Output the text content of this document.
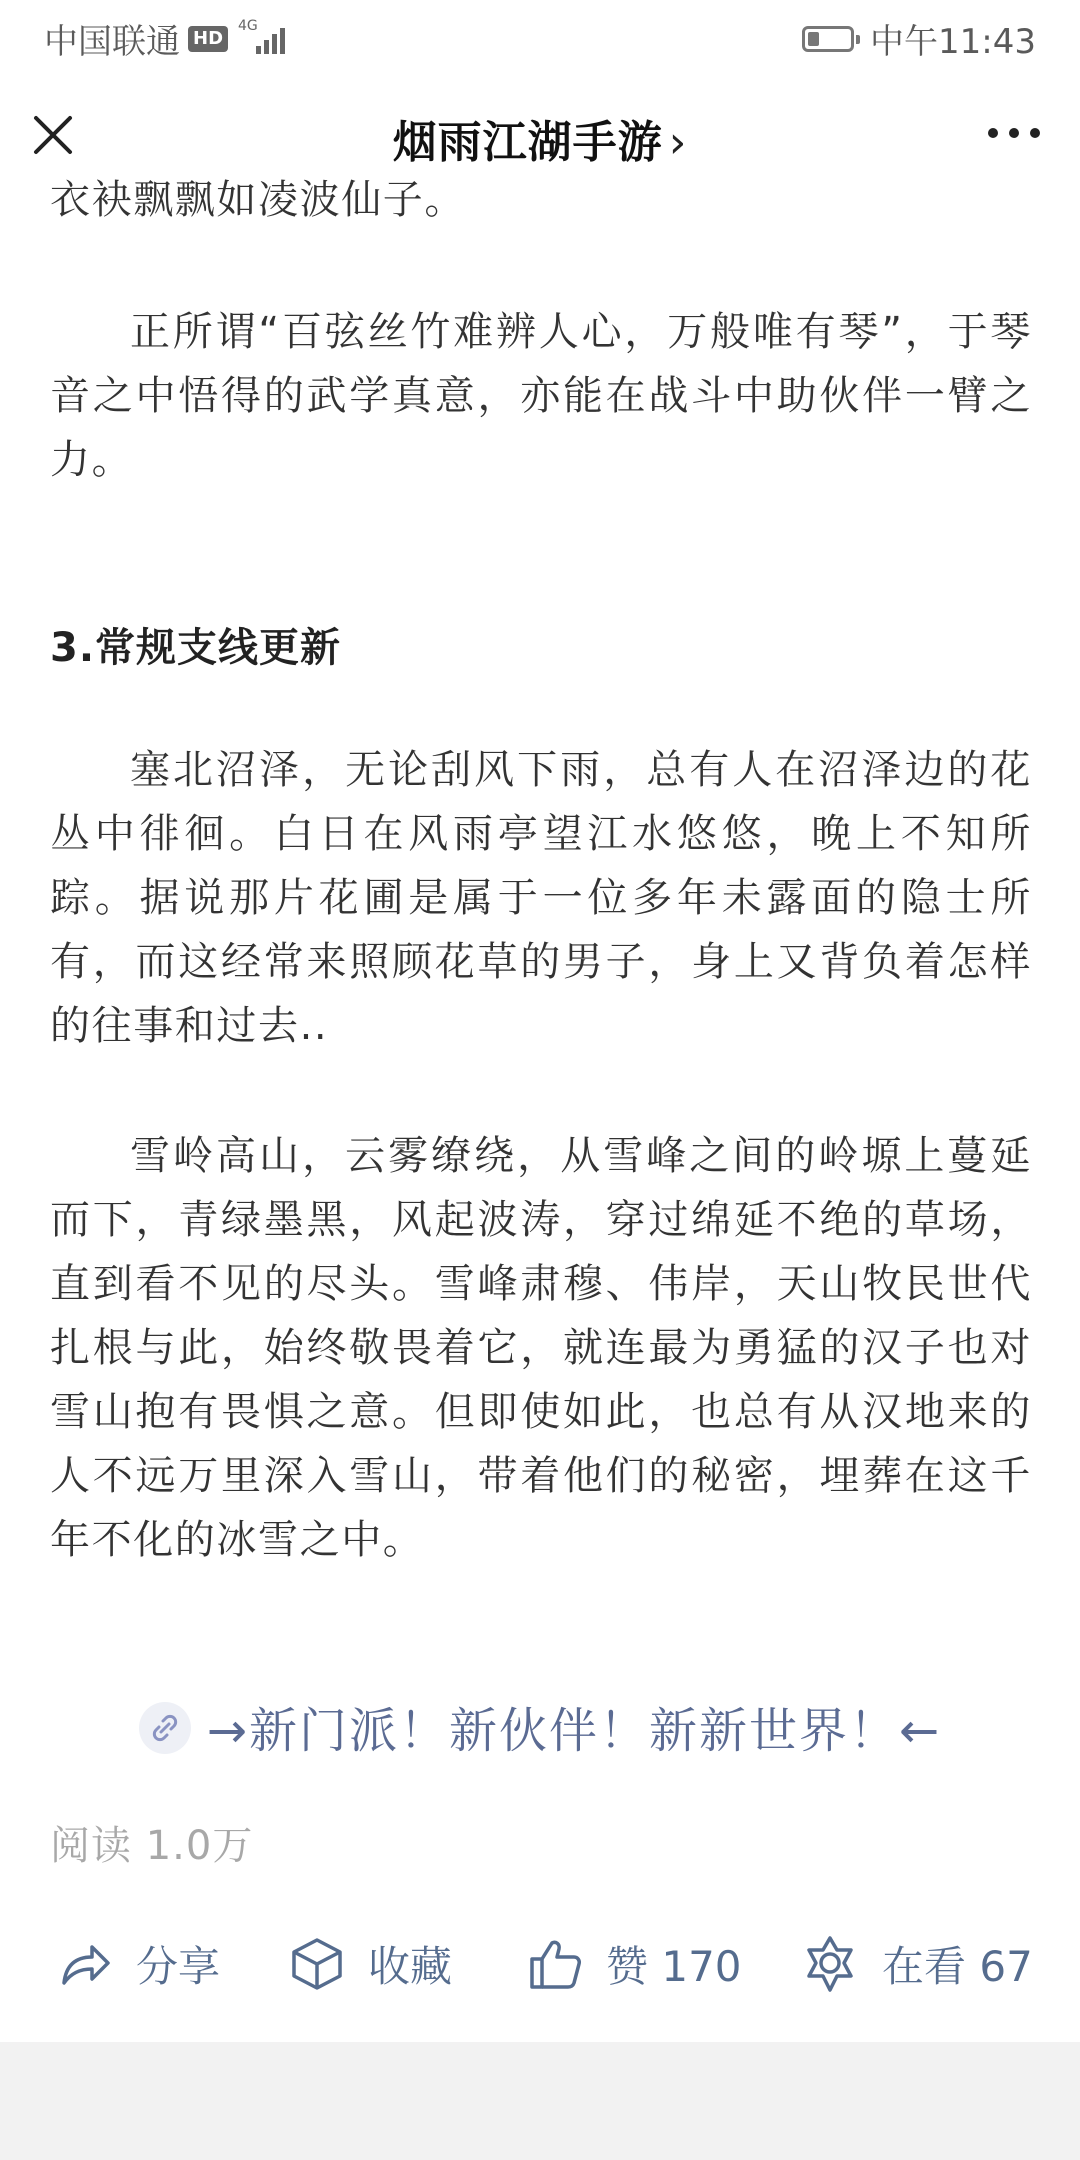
中国联通 HD
4G	中午11:43
烟雨江湖手游 ›
衣袂飘飘如凌波仙子。
正所谓“百弦丝竹难辨人心，万般唯有琴”，于琴音之中悟得的武学真意，亦能在战斗中助伙伴一臂之力。
3.常规支线更新
塞北沼泽，无论刮风下雨，总有人在沼泽边的花丛中徘徊。白日在风雨亭望江水悠悠，晚上不知所踪。据说那片花圃是属于一位多年未露面的隐士所有，而这经常来照顾花草的男子，身上又背负着怎样的往事和过去..
雪岭高山，云雾缭绕，从雪峰之间的岭塬上蔓延而下，青绿墨黑，风起波涛，穿过绵延不绝的草场，直到看不见的尽头。雪峰肃穆、伟岸，天山牧民世代扎根与此，始终敬畏着它，就连最为勇猛的汉子也对雪山抱有畏惧之意。但即使如此，也总有从汉地来的人不远万里深入雪山，带着他们的秘密，埋葬在这千年不化的冰雪之中。
→新门派！新伙伴！新新世界！←
阅读 1.0万
分享	收藏	赞 170	在看 67
